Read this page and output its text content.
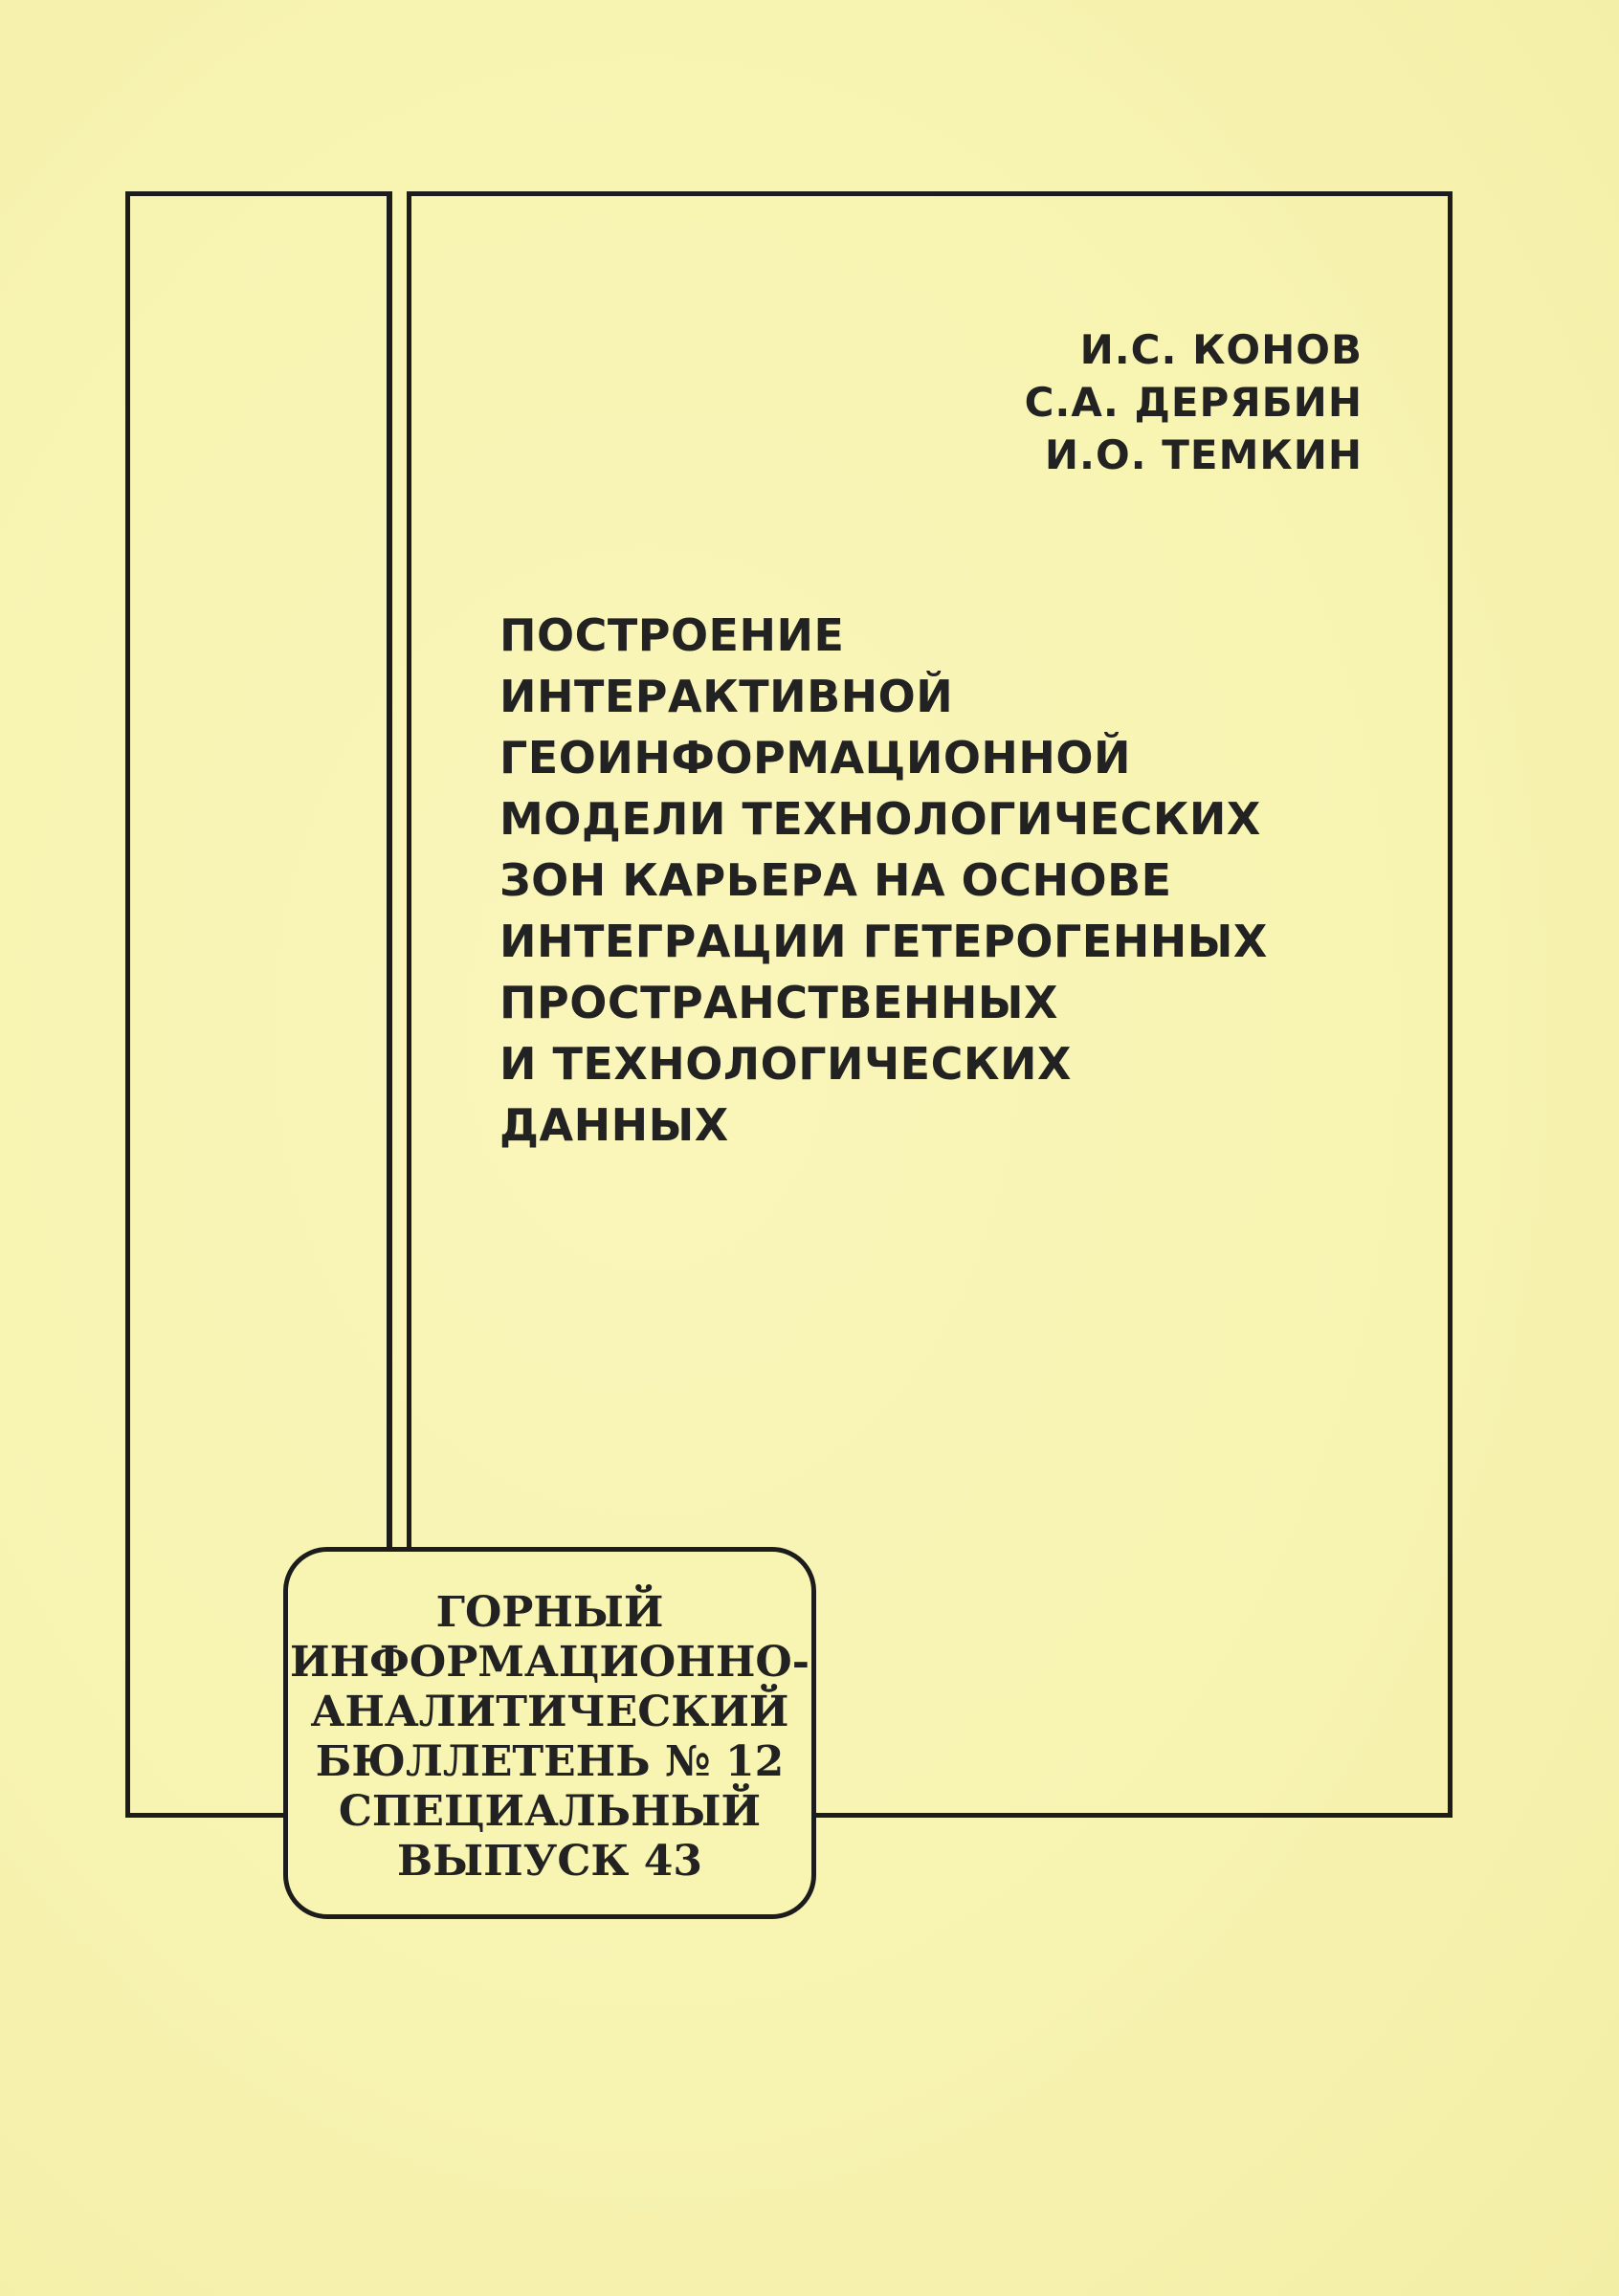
И.С. КОНОВ
С.А. ДЕРЯБИН
И.О. ТЕМКИН
ПОСТРОЕНИЕ
ИНТЕРАКТИВНОЙ
ГЕОИНФОРМАЦИОННОЙ
МОДЕЛИ ТЕХНОЛОГИЧЕСКИХ
ЗОН КАРЬЕРА НА ОСНОВЕ
ИНТЕГРАЦИИ ГЕТЕРОГЕННЫХ
ПРОСТРАНСТВЕННЫХ
И ТЕХНОЛОГИЧЕСКИХ
ДАННЫХ
ГОРНЫЙ
ИНФОРМАЦИОННО-
АНАЛИТИЧЕСКИЙ
БЮЛЛЕТЕНЬ № 12
СПЕЦИАЛЬНЫЙ
ВЫПУСК 43
